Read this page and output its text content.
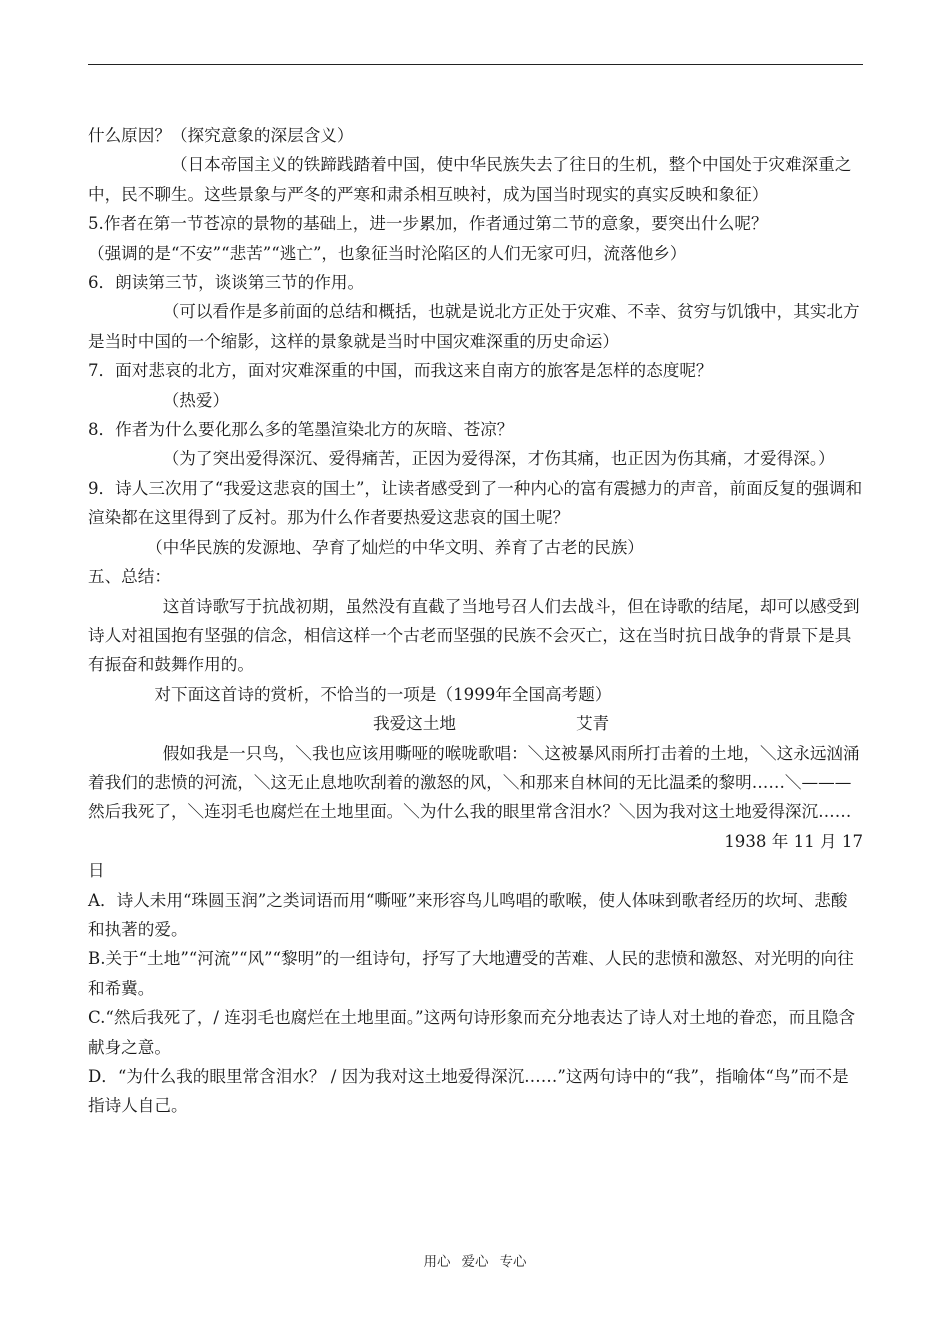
什么原因？（探究意象的深层含义）

（日本帝国主义的铁蹄践踏着中国，使中华民族失去了往日的生机，整个中国处于灾难深重之中，民不聊生。这些景象与严冬的严寒和肃杀相互映衬，成为国当时现实的真实反映和象征）

5.作者在第一节苍凉的景物的基础上，进一步累加，作者通过第二节的意象，要突出什么呢？

（强调的是“不安”“悲苦”“逃亡”，也象征当时沦陷区的人们无家可归，流落他乡）

6．朗读第三节，谈谈第三节的作用。

（可以看作是多前面的总结和概括，也就是说北方正处于灾难、不幸、贫穷与饥饿中，其实北方是当时中国的一个缩影，这样的景象就是当时中国灾难深重的历史命运）

7．面对悲哀的北方，面对灾难深重的中国，而我这来自南方的旅客是怎样的态度呢？

（热爱）

8．作者为什么要化那么多的笔墨渲染北方的灰暗、苍凉？

（为了突出爱得深沉、爱得痛苦，正因为爱得深，才伤其痛，也正因为伤其痛，才爱得深。）

9．诗人三次用了“我爱这悲哀的国土”，让读者感受到了一种内心的富有震撼力的声音，前面反复的强调和渲染都在这里得到了反衬。那为什么作者要热爱这悲哀的国土呢？

（中华民族的发源地、孕育了灿烂的中华文明、养育了古老的民族）

五、总结：

这首诗歌写于抗战初期，虽然没有直截了当地号召人们去战斗，但在诗歌的结尾，却可以感受到诗人对祖国抱有坚强的信念，相信这样一个古老而坚强的民族不会灭亡，这在当时抗日战争的背景下是具有振奋和鼓舞作用的。

对下面这首诗的赏析，不恰当的一项是（1999年全国高考题）

我爱这土地	艾青

假如我是一只鸟，＼我也应该用嘶哑的喉咙歌唱：＼这被暴风雨所打击着的土地，＼这永远汹涌着我们的悲愤的河流，＼这无止息地吹刮着的激怒的风，＼和那来自林间的无比温柔的黎明……＼———然后我死了，＼连羽毛也腐烂在土地里面。＼为什么我的眼里常含泪水？＼因为我对这土地爱得深沉……

1938 年 11 月 17

日

A．诗人未用“珠圆玉润”之类词语而用“嘶哑”来形容鸟儿鸣唱的歌喉，使人体味到歌者经历的坎坷、悲酸和执著的爱。

B.关于“土地”“河流”“风”“黎明”的一组诗句，抒写了大地遭受的苦难、人民的悲愤和激怒、对光明的向往和希冀。

C.“然后我死了，/ 连羽毛也腐烂在土地里面。”这两句诗形象而充分地表达了诗人对土地的眷恋，而且隐含献身之意。

D．“为什么我的眼里常含泪水？ / 因为我对这土地爱得深沉……”这两句诗中的“我”，指喻体“鸟”而不是指诗人自己。

用心 爱心 专心
